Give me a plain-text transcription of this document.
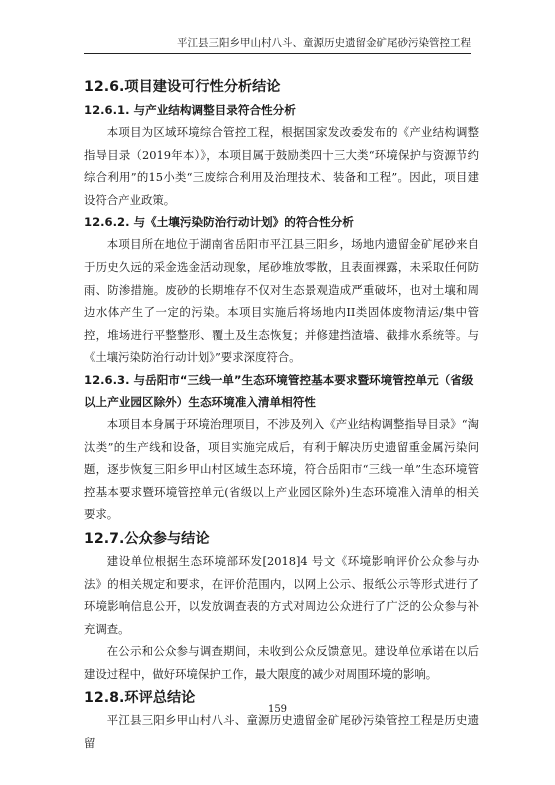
平江县三阳乡甲山村八斗、童源历史遗留金矿尾砂污染管控工程
12.6.项目建设可行性分析结论
12.6.1. 与产业结构调整目录符合性分析

本项目为区域环境综合管控工程，根据国家发改委发布的《产业结构调整指导目录（2019年本）》，本项目属于鼓励类四十三大类“环境保护与资源节约综合利用”的15小类“三废综合利用及治理技术、装备和工程”。因此，项目建设符合产业政策。

12.6.2. 与《土壤污染防治行动计划》的符合性分析

本项目所在地位于湖南省岳阳市平江县三阳乡，场地内遗留金矿尾砂来自于历史久远的采金选金活动现象，尾砂堆放零散，且表面裸露，未采取任何防雨、防渗措施。废砂的长期堆存不仅对生态景观造成严重破坏，也对土壤和周边水体产生了一定的污染。本项目实施后将场地内II类固体废物清运/集中管控，堆场进行平整整形、覆土及生态恢复；并修建挡渣墙、截排水系统等。与《土壤污染防治行动计划》”要求深度符合。

12.6.3. 与岳阳市“三线一单”生态环境管控基本要求暨环境管控单元（省级以上产业园区除外）生态环境准入清单相符性

本项目本身属于环境治理项目，不涉及列入《产业结构调整指导目录》“淘汰类”的生产线和设备，项目实施完成后，有利于解决历史遗留重金属污染问题，逐步恢复三阳乡甲山村区域生态环境，符合岳阳市“三线一单”生态环境管控基本要求暨环境管控单元(省级以上产业园区除外)生态环境准入清单的相关要求。

12.7.公众参与结论

建设单位根据生态环境部环发[2018]4 号文《环境影响评价公众参与办法》的相关规定和要求，在评价范围内，以网上公示、报纸公示等形式进行了环境影响信息公开，以发放调查表的方式对周边公众进行了广泛的公众参与补充调查。

在公示和公众参与调查期间，未收到公众反馈意见。建设单位承诺在以后建设过程中，做好环境保护工作，最大限度的减少对周围环境的影响。

12.8.环评总结论

平江县三阳乡甲山村八斗、童源历史遗留金矿尾砂污染管控工程是历史遗留

159
